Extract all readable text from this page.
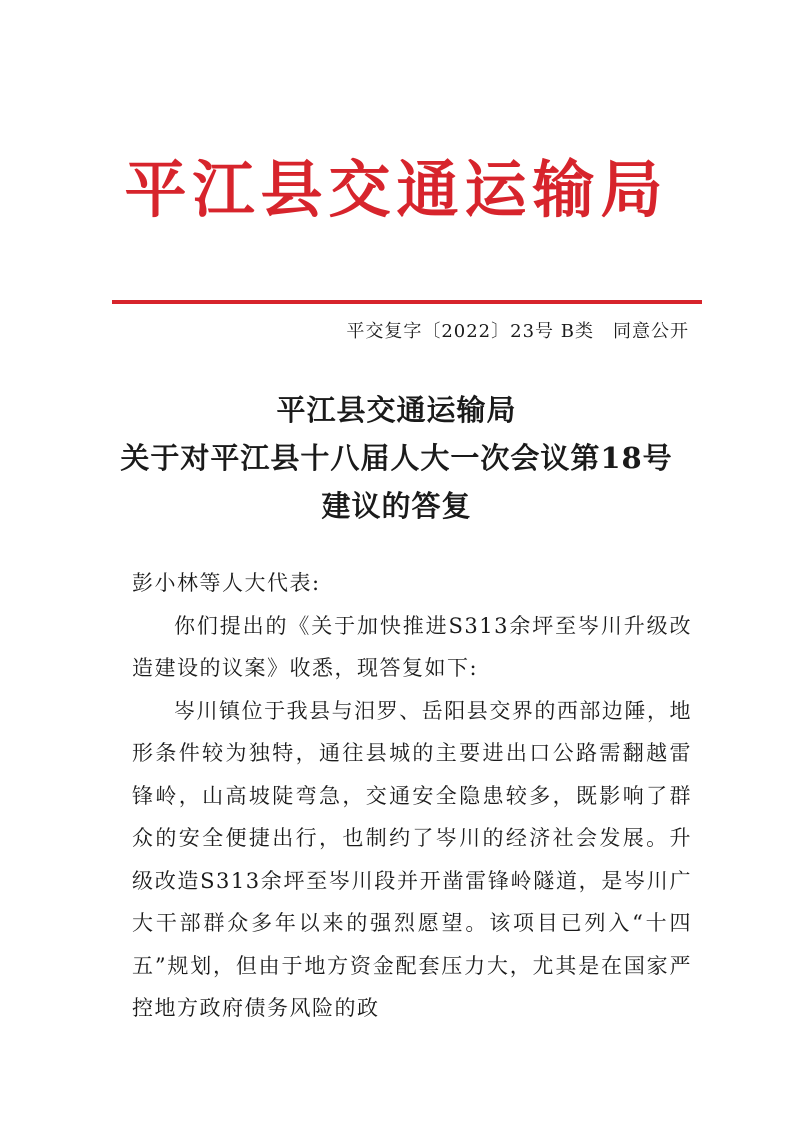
平江县交通运输局
平交复字〔2022〕23号 B类　同意公开
平江县交通运输局
关于对平江县十八届人大一次会议第18号
建议的答复

彭小林等人大代表:

你们提出的《关于加快推进S313余坪至岑川升级改造建设的议案》收悉，现答复如下:

岑川镇位于我县与汨罗、岳阳县交界的西部边陲，地形条件较为独特，通往县城的主要进出口公路需翻越雷锋岭，山高坡陡弯急，交通安全隐患较多，既影响了群众的安全便捷出行，也制约了岑川的经济社会发展。升级改造S313余坪至岑川段并开凿雷锋岭隧道，是岑川广大干部群众多年以来的强烈愿望。该项目已列入“十四五”规划，但由于地方资金配套压力大，尤其是在国家严控地方政府债务风险的政
